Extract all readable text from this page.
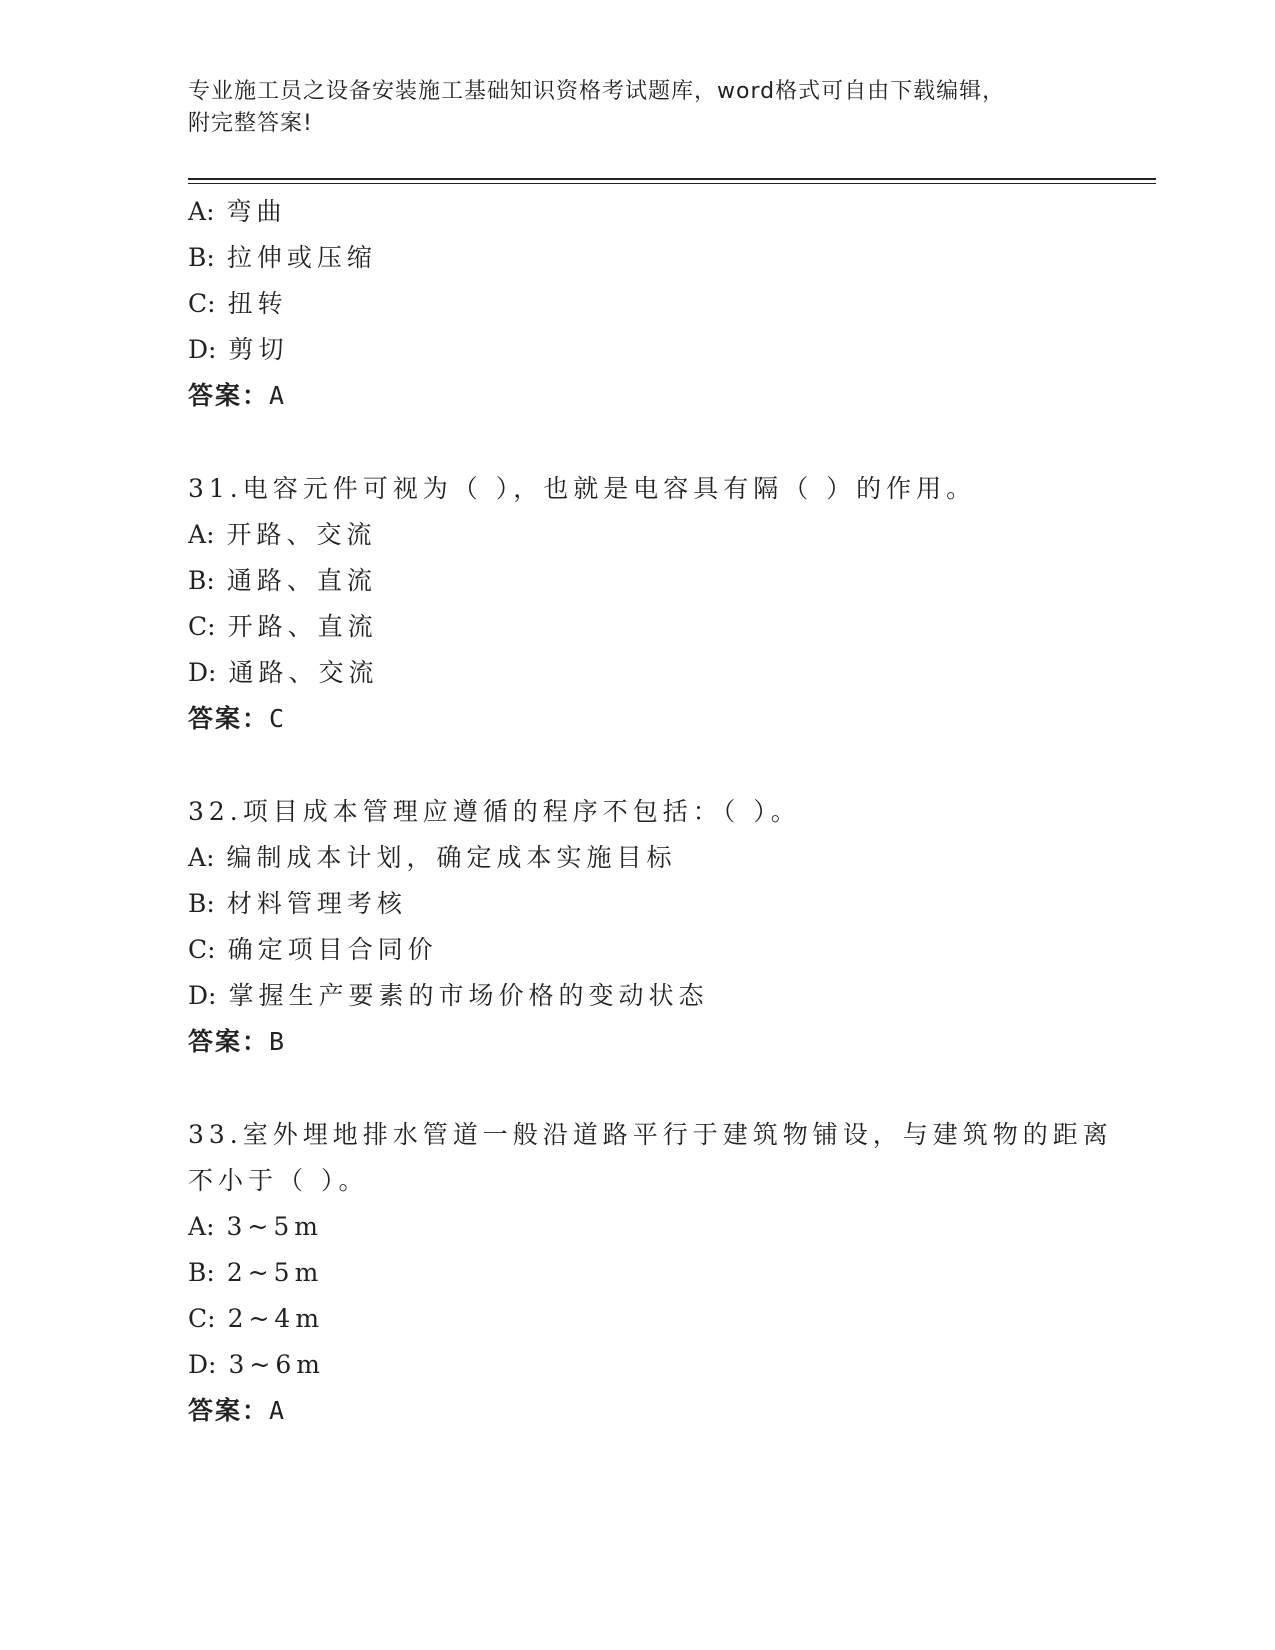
专业施工员之设备安装施工基础知识资格考试题库，word格式可自由下载编辑，
附完整答案!
A: 弯曲
B: 拉伸或压缩
C: 扭转
D: 剪切
答案：A
31.电容元件可视为（ ），也就是电容具有隔（ ）的作用。
A: 开路、交流
B: 通路、直流
C: 开路、直流
D: 通路、交流
答案：C
32.项目成本管理应遵循的程序不包括：（ ）。
A: 编制成本计划，确定成本实施目标
B: 材料管理考核
C: 确定项目合同价
D: 掌握生产要素的市场价格的变动状态
答案：B
33.室外埋地排水管道一般沿道路平行于建筑物铺设，与建筑物的距离
不小于（ ）。
A: 3~5m
B: 2~5m
C: 2~4m
D: 3~6m
答案：A
